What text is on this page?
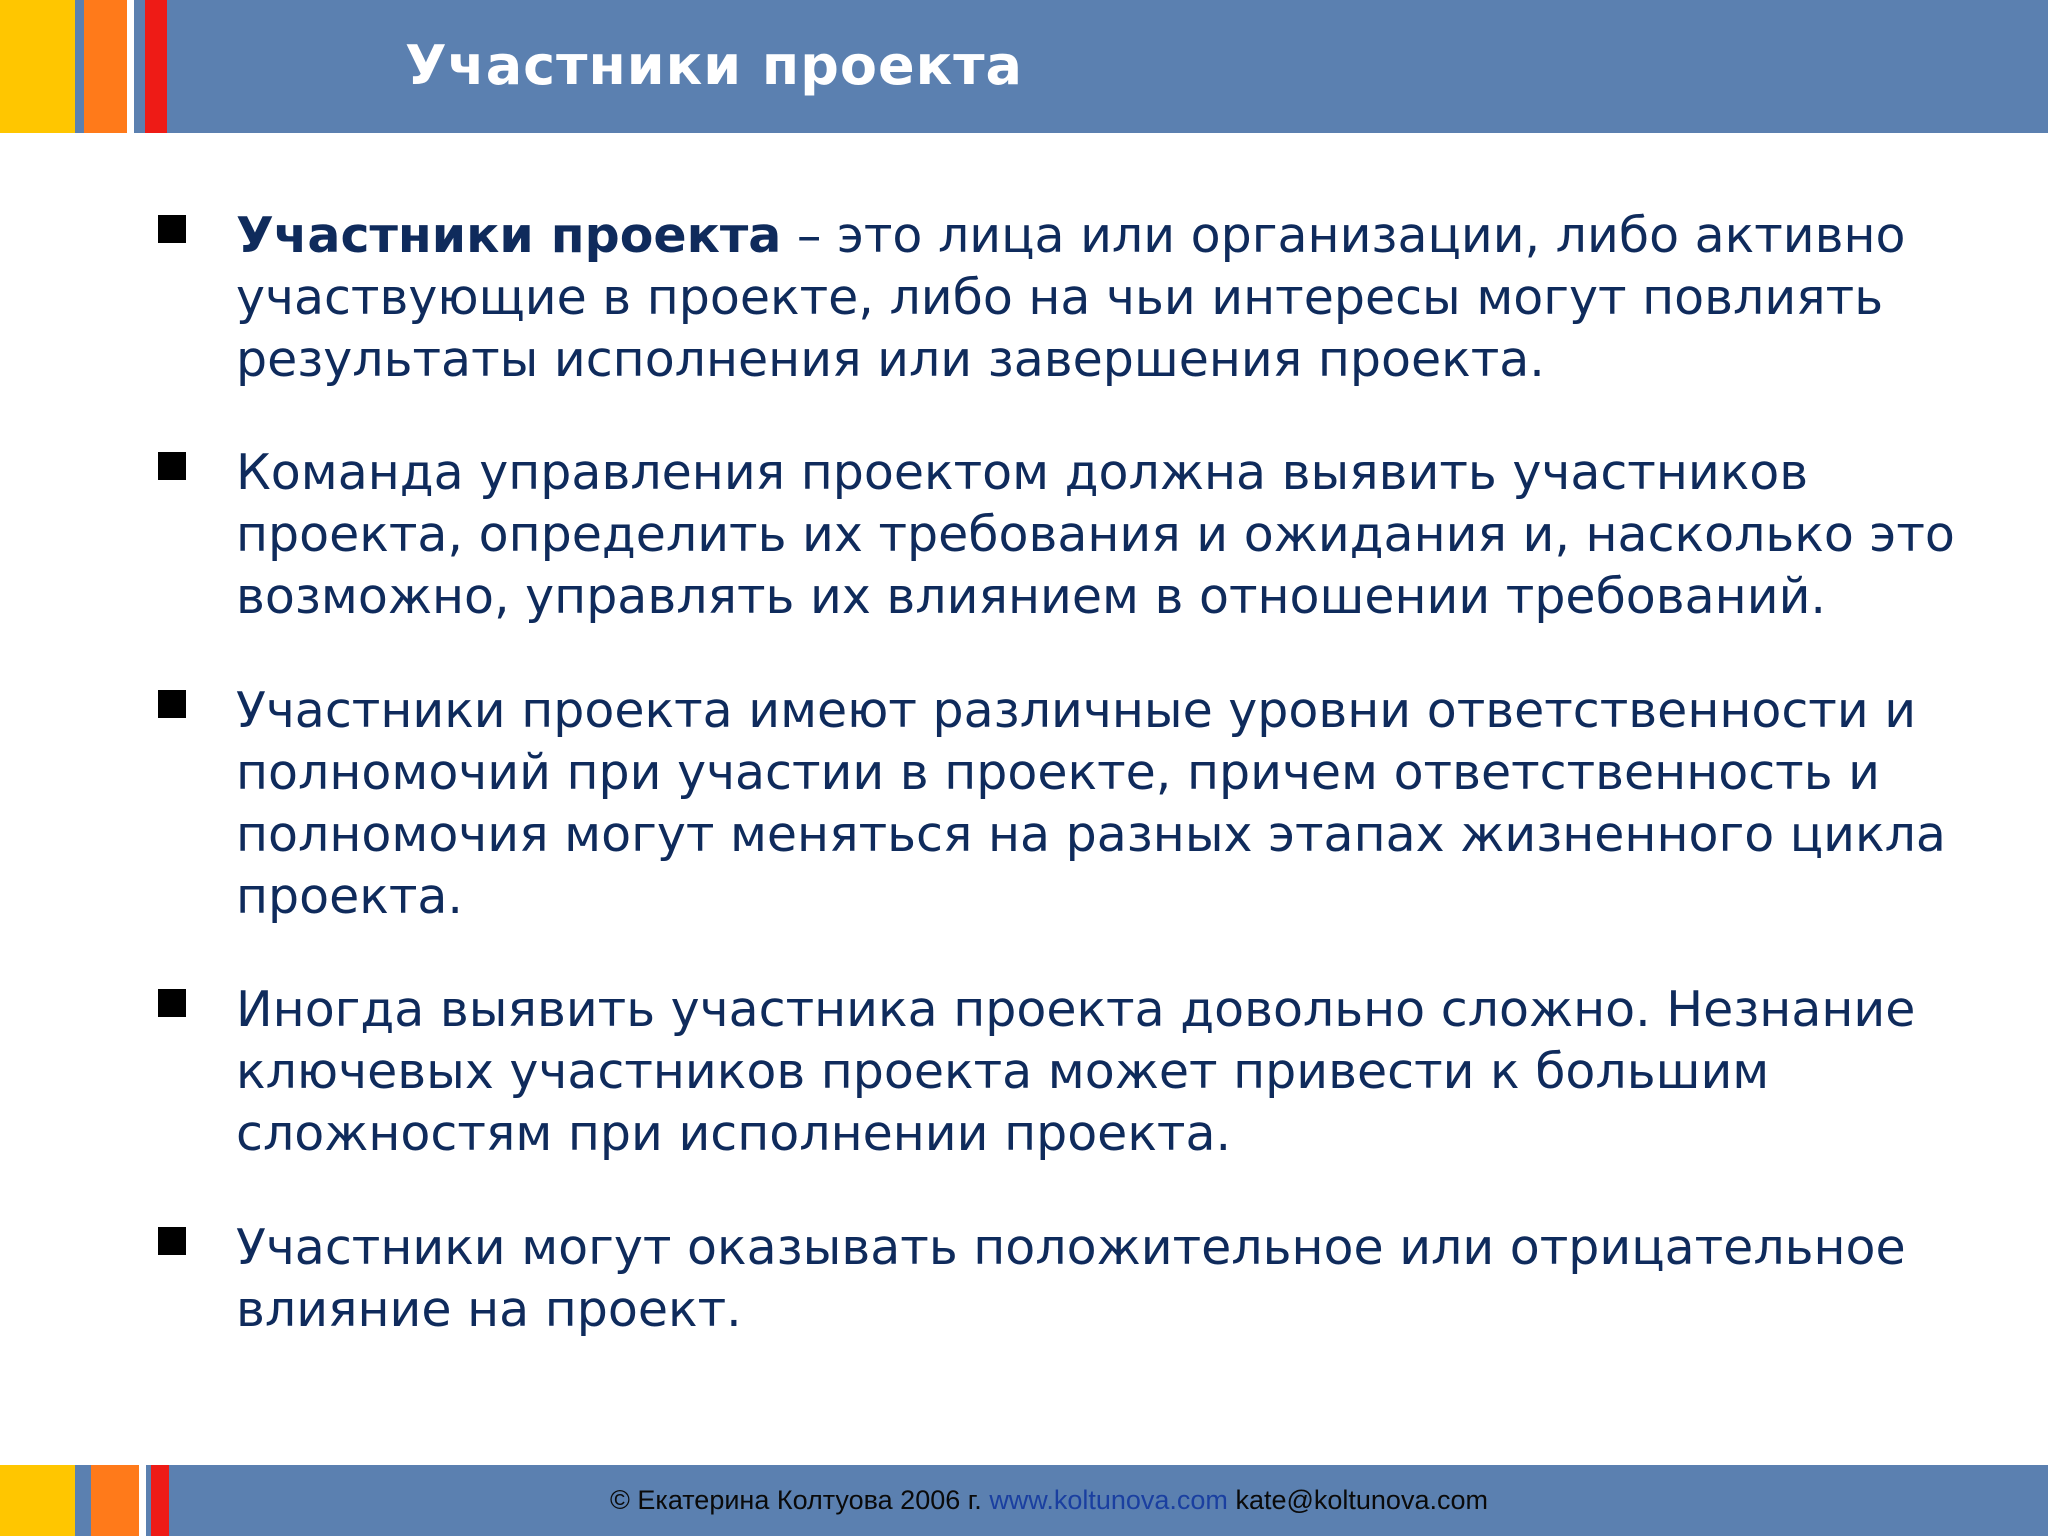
Участники проекта

Участники проекта – это лица или организации, либо активно участвующие в проекте, либо на чьи интересы могут повлиять результаты исполнения или завершения проекта.

Команда управления проектом должна выявить участников проекта, определить их требования и ожидания и, насколько это возможно, управлять их влиянием в отношении требований.

Участники проекта имеют различные уровни ответственности и полномочий при участии в проекте, причем ответственность и полномочия могут меняться на разных этапах жизненного цикла проекта.

Иногда выявить участника проекта довольно сложно. Незнание ключевых участников проекта может привести к большим сложностям при исполнении проекта.

Участники могут оказывать положительное или отрицательное влияние на проект.

© Екатерина Колтуова 2006 г. www.koltunova.com kate@koltunova.com
